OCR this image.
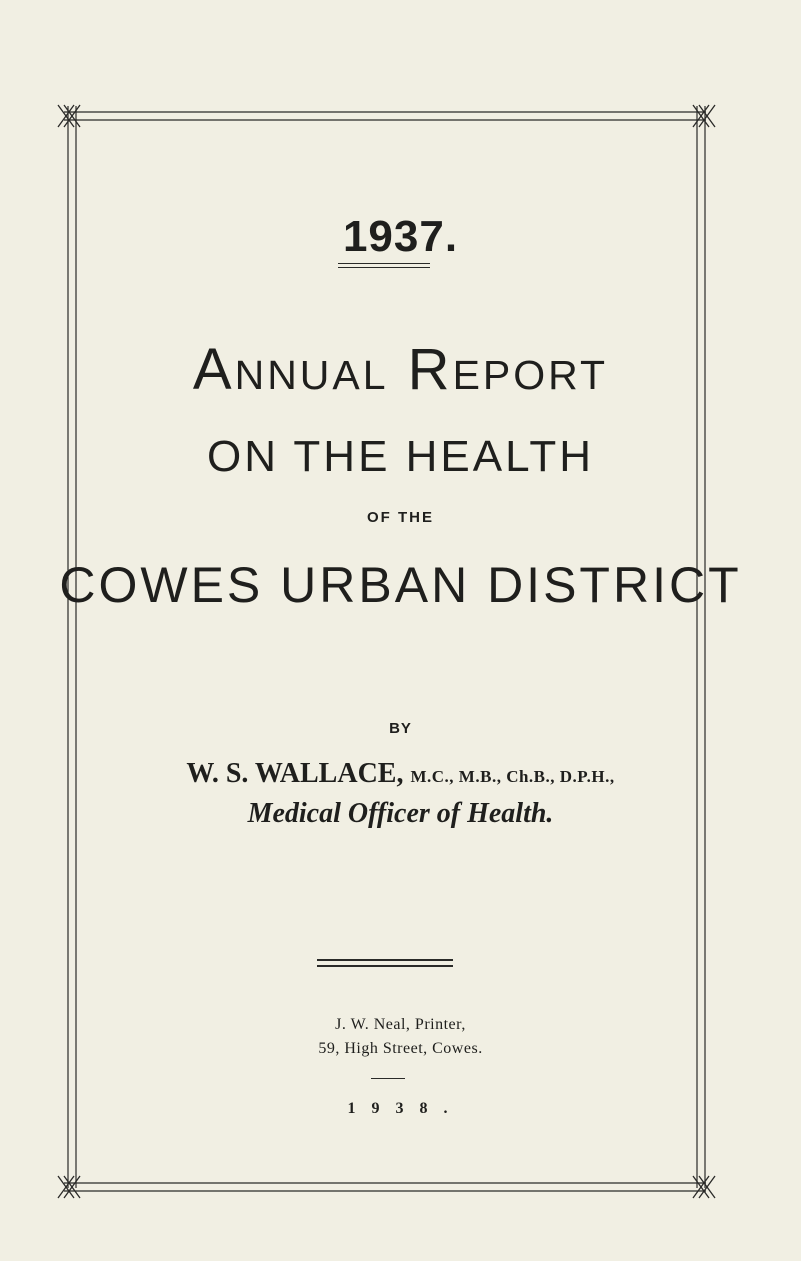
1937.
Annual Report
ON THE HEALTH
OF THE
COWES URBAN DISTRICT
BY
W. S. WALLACE, M.C., M.B., Ch.B., D.P.H.,
Medical Officer of Health.
J. W. Neal, Printer,
59, High Street, Cowes.
1 9 3 8 .
